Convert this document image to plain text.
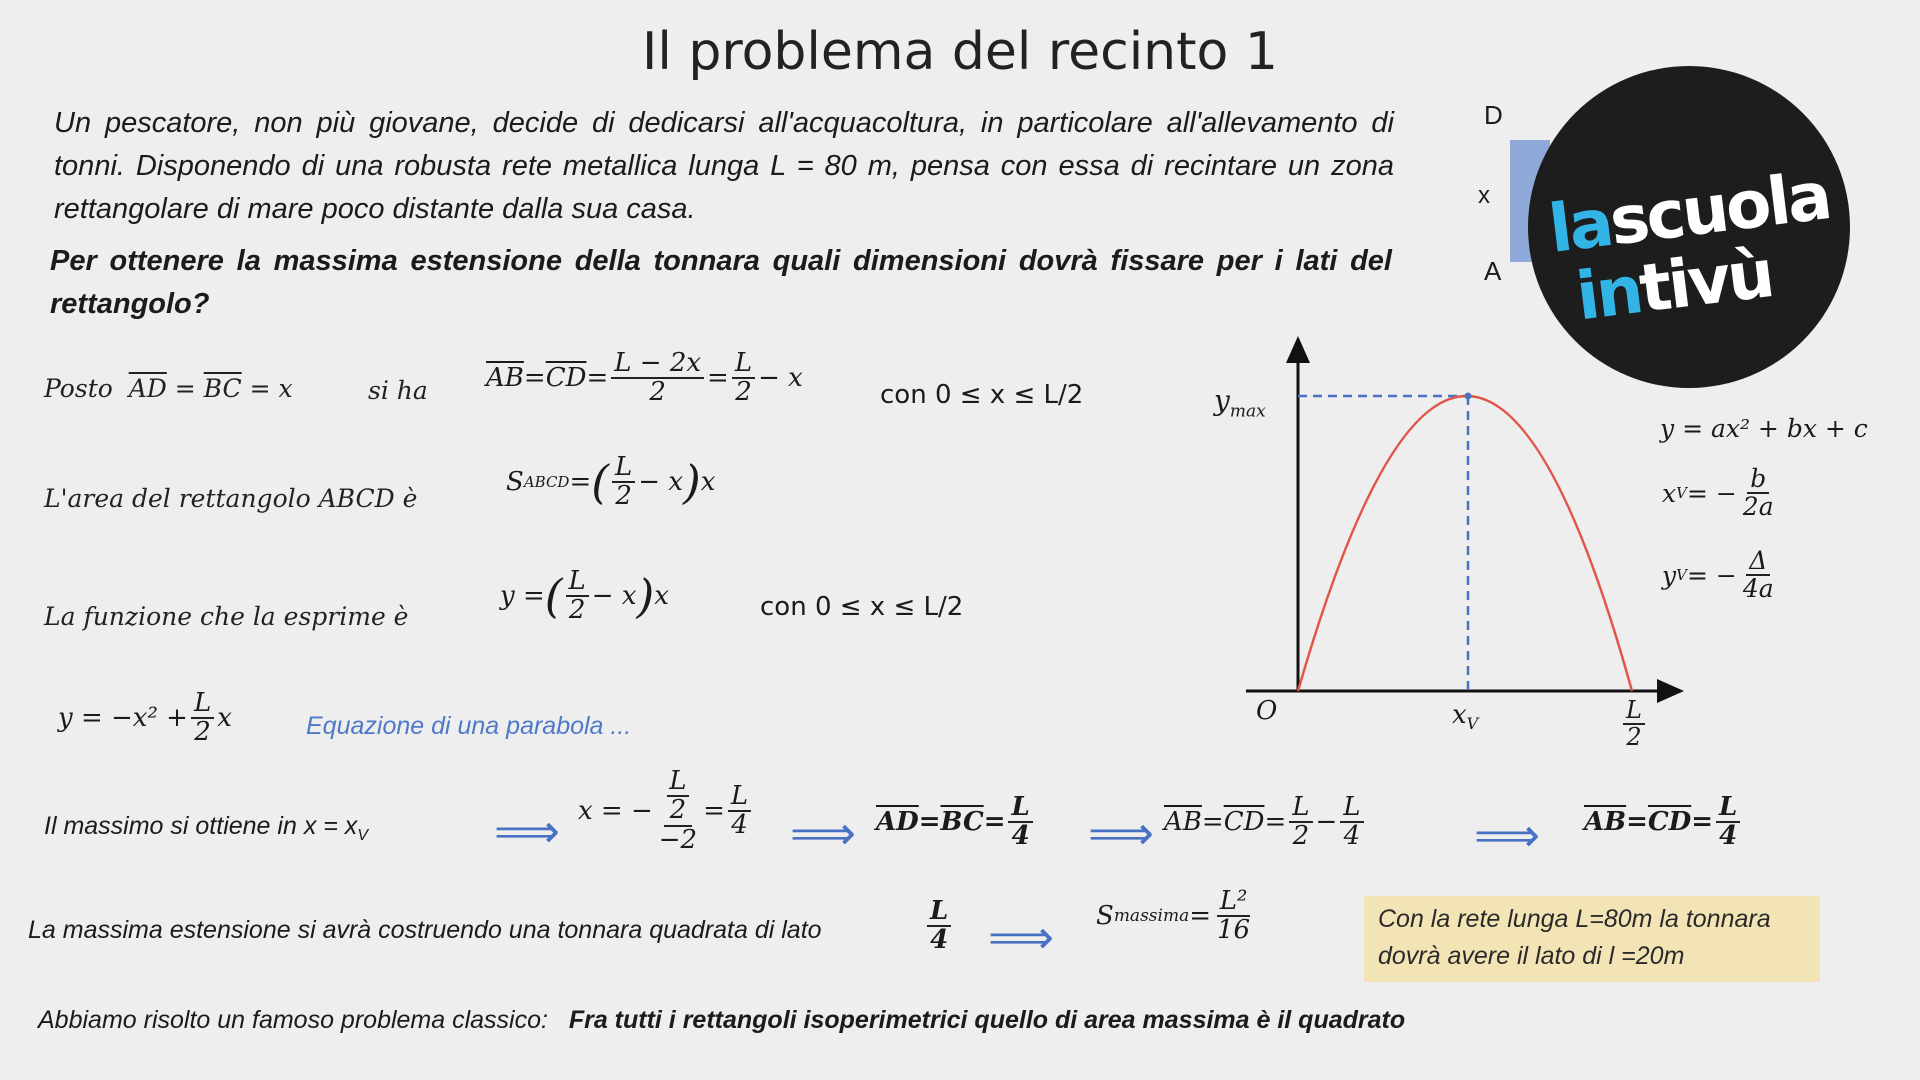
Il problema del recinto 1
Un pescatore, non più giovane, decide di dedicarsi all'acquacoltura, in particolare all'allevamento di tonni. Disponendo di una robusta rete metallica lunga L = 80 m, pensa con essa di recintare un zona rettangolare di mare poco distante dalla sua casa.
Per ottenere la massima estensione della tonnara quali dimensioni dovrà fissare per i lati del rettangolo?
D
x
A
lascuola
intivù
Posto $\overline{AD} = \overline{BC} = x$	si ha $\overline{AB} = \overline{CD} = \frac{L - 2x}{2} = \frac{L}{2} - x$
con 0 ≤ x ≤ L/2
L'area del rettangolo ABCD è
S ABCD = ( $\frac{L}{2} - x$ ) x
La funzione che la esprime è
y = ( $\frac{L}{2} - x$ ) x	con 0 ≤ x ≤ L/2
$y = -x^2 + \frac{L}{2}$ x	Equazione di una parabola ...
Il massimo si ottiene in $x = x_V$	⟹ x = − L
2
$-2 = \frac{L}{4}$ ⟹ $\overline{AD} = \overline{BC} = \frac{L}{4}$ ⟹ $\overline{AB} = \overline{CD} = \frac{L}{2} - \frac{L}{4}$ ⟹ $\overline{AB} = \overline{CD} = \frac{L}{4}$
La massima estensione si avrà costruendo una tonnara quadrata di lato	$\frac{L}{4}$ ⟹ S massima = $\frac{\text{L²}}{16}$	Con la rete lunga L=80m la tonnara
dovrà avere il lato di l =20m
Abbiamo risolto un famoso problema classico: Fra tutti i rettangoli isoperimetrici quello di area massima è il quadrato
$y_{max}$
O	$x_V$	$\frac{L}{2}$
y = ax² + bx + c
x V = − $\frac{b}{2a}$
y V = − $\frac{\Delta}{4a}$
